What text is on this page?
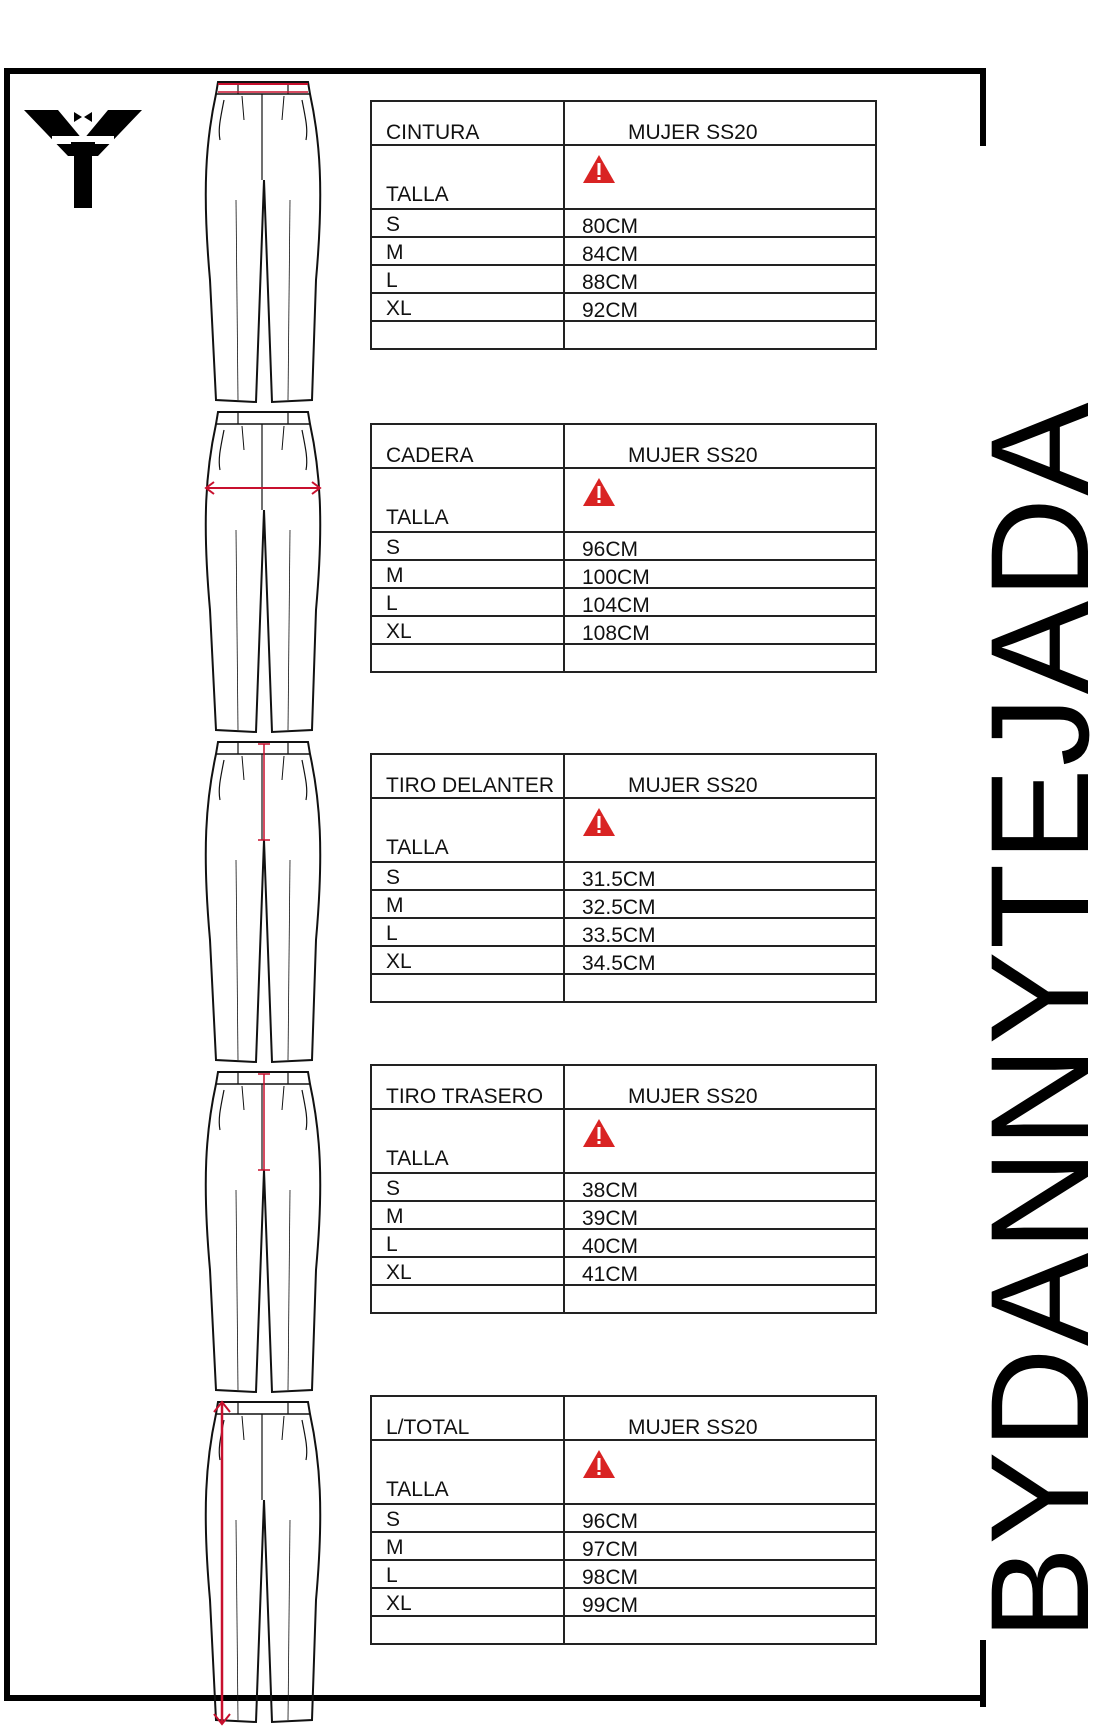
CINTURA	MUJER SS20
TALLA
S	80CM
M	84CM
L	88CM
XL	92CM
CADERA	MUJER SS20
TALLA
S	96CM
M	100CM
L	104CM
XL	108CM
TIRO DELANTER	MUJER SS20
TALLA
S	31.5CM
M	32.5CM
L	33.5CM
XL	34.5CM
TIRO TRASERO	MUJER SS20
TALLA
S	38CM
M	39CM
L	40CM
XL	41CM
L/TOTAL	MUJER SS20
TALLA
S	96CM
M	97CM
L	98CM
XL	99CM BYDANNYTEJADA
